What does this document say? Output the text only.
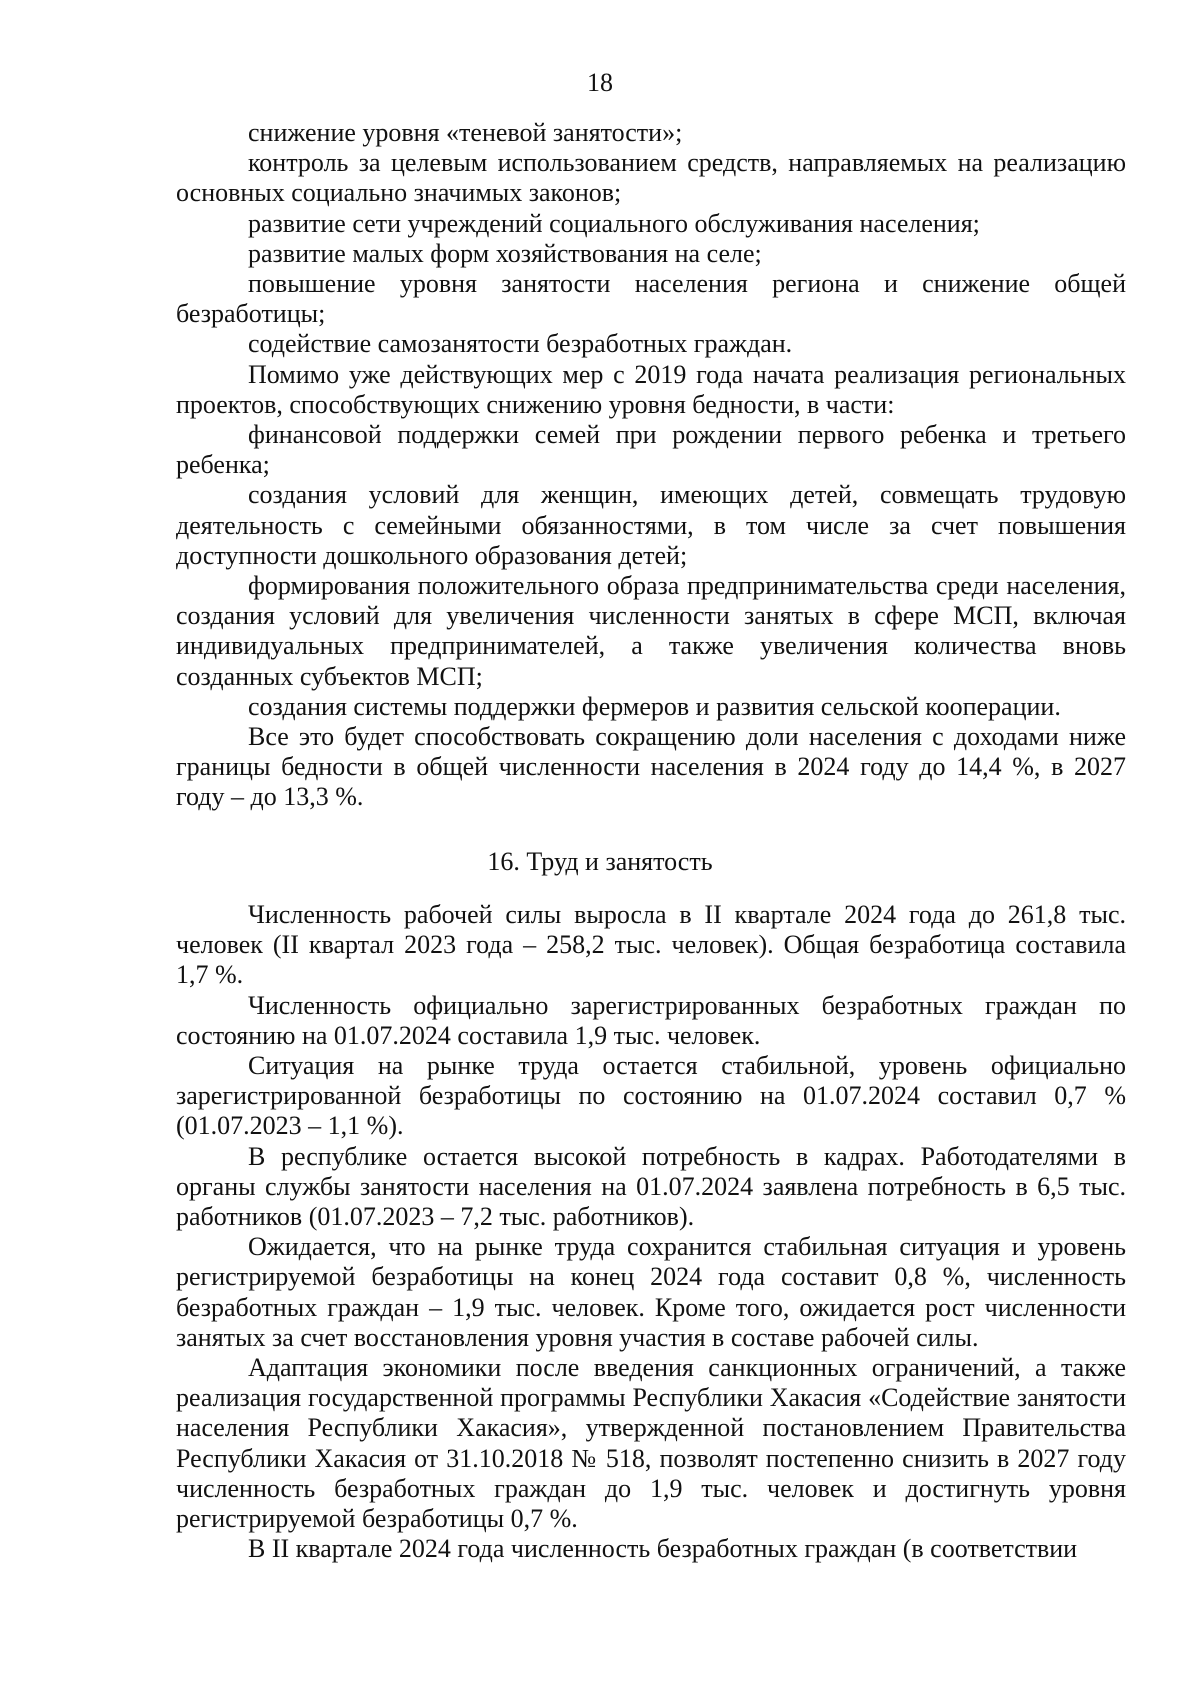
18

снижение уровня «теневой занятости»;

контроль за целевым использованием средств, направляемых на реализацию основных социально значимых законов;

развитие сети учреждений социального обслуживания населения;

развитие малых форм хозяйствования на селе;

повышение уровня занятости населения региона и снижение общей безработицы;

содействие самозанятости безработных граждан.

Помимо уже действующих мер с 2019 года начата реализация региональных проектов, способствующих снижению уровня бедности, в части:

финансовой поддержки семей при рождении первого ребенка и третьего ребенка;

создания условий для женщин, имеющих детей, совмещать трудовую деятельность с семейными обязанностями, в том числе за счет повышения доступности дошкольного образования детей;

формирования положительного образа предпринимательства среди населения, создания условий для увеличения численности занятых в сфере МСП, включая индивидуальных предпринимателей, а также увеличения количества вновь созданных субъектов МСП;

создания системы поддержки фермеров и развития сельской кооперации.

Все это будет способствовать сокращению доли населения с доходами ниже границы бедности в общей численности населения в 2024 году до 14,4 %, в 2027 году – до 13,3 %.

16. Труд и занятость

Численность рабочей силы выросла в II квартале 2024 года до 261,8 тыс. человек (II квартал 2023 года – 258,2 тыс. человек). Общая безработица составила 1,7 %.

Численность официально зарегистрированных безработных граждан по состоянию на 01.07.2024 составила 1,9 тыс. человек.

Ситуация на рынке труда остается стабильной, уровень официально зарегистрированной безработицы по состоянию на 01.07.2024 составил 0,7 % (01.07.2023 – 1,1 %).

В республике остается высокой потребность в кадрах. Работодателями в органы службы занятости населения на 01.07.2024 заявлена потребность в 6,5 тыс. работников (01.07.2023 – 7,2 тыс. работников).

Ожидается, что на рынке труда сохранится стабильная ситуация и уровень регистрируемой безработицы на конец 2024 года составит 0,8 %, численность безработных граждан – 1,9 тыс. человек. Кроме того, ожидается рост численности занятых за счет восстановления уровня участия в составе рабочей силы.

Адаптация экономики после введения санкционных ограничений, а также реализация государственной программы Республики Хакасия «Содействие занятости населения Республики Хакасия», утвержденной постановлением Правительства Республики Хакасия от 31.10.2018 № 518, позволят постепенно снизить в 2027 году численность безработных граждан до 1,9 тыс. человек и достигнуть уровня регистрируемой безработицы 0,7 %.

В II квартале 2024 года численность безработных граждан (в соответствии
